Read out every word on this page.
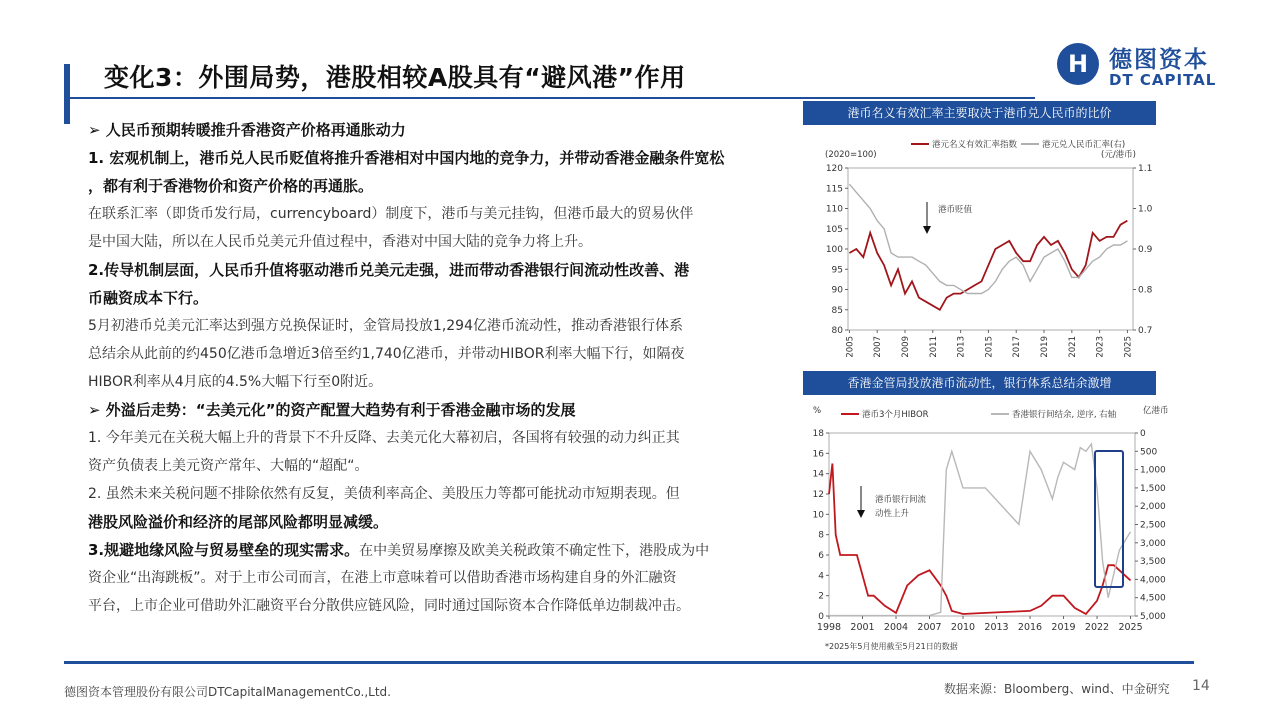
变化3：外围局势，港股相较A股具有“避风港”作用	H 德图资本
DT CAPITAL
➢ 人民币预期转暖推升香港资产价格再通胀动力
1. 宏观机制上，港币兑人民币贬值将推升香港相对中国内地的竞争力，并带动香港金融条件宽松
，都有利于香港物价和资产价格的再通胀。
在联系汇率（即货币发行局，currencyboard）制度下，港币与美元挂钩，但港币最大的贸易伙伴
是中国大陆，所以在人民币兑美元升值过程中，香港对中国大陆的竞争力将上升。
2.传导机制层面，人民币升值将驱动港币兑美元走强，进而带动香港银行间流动性改善、港
币融资成本下行。
5月初港币兑美元汇率达到强方兑换保证时，金管局投放1,294亿港币流动性，推动香港银行体系
总结余从此前的约450亿港币急增近3倍至约1,740亿港币，并带动HIBOR利率大幅下行，如隔夜
HIBOR利率从4月底的4.5%大幅下行至0附近。
➢ 外溢后走势：“去美元化”的资产配置大趋势有利于香港金融市场的发展
1. 今年美元在关税大幅上升的背景下不升反降、去美元化大幕初启，各国将有较强的动力纠正其
资产负债表上美元资产常年、大幅的“超配“。
2. 虽然未来关税问题不排除依然有反复，美债利率高企、美股压力等都可能扰动市短期表现。但
港股风险溢价和经济的尾部风险都明显减缓。
3.规避地缘风险与贸易壁垒的现实需求。在中美贸易摩擦及欧美关税政策不确定性下，港股成为中
资企业“出海跳板”。对于上市公司而言，在港上市意味着可以借助香港市场构建自身的外汇融资
平台，上市企业可借助外汇融资平台分散供应链风险，同时通过国际资本合作降低单边制裁冲击。
港币名义有效汇率主要取决于港币兑人民币的比价
80
85
90
95
100
105
110
115
120
0.7
0.8
0.9
1.0
1.1
2005 2007 2009 2011 2013 2015 2017 2019 2021 2023 2025
(2020=100)	(元/港币)
港元名义有效汇率指数	港元兑人民币汇率(右)
港币贬值
香港金管局投放港币流动性，银行体系总结余激增
0
2
4
6
8
10
12
14
16
18	0
500
1,000
1,500
2,000
2,500
3,000
3,500
4,000
4,500
5,000
1998 2001 2004 2007 2010 2013 2016 2019 2022 2025
%	亿港币
港币3个月HIBOR	香港银行间结余, 逆序, 右轴
港币银行间流
动性上升
*2025年5月使用截至5月21日的数据
德图资本管理股份有限公司DTCapitalManagementCo.,Ltd.	数据来源：Bloomberg、wind、中金研究 14
